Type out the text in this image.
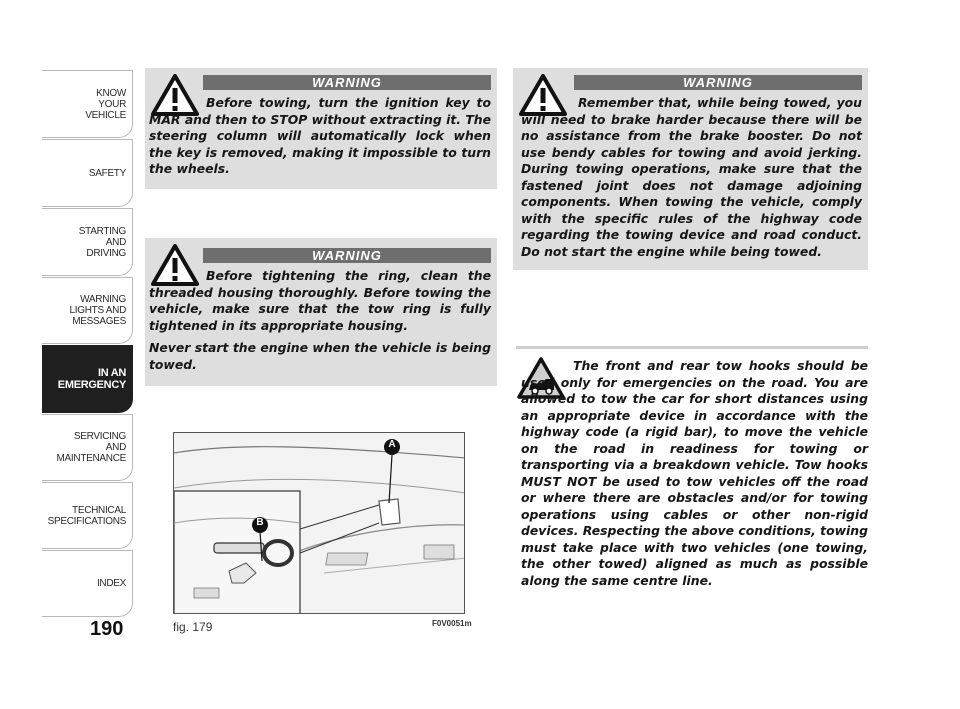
KNOW
YOUR
VEHICLE
SAFETY
STARTING
AND
DRIVING
WARNING
LIGHTS AND
MESSAGES
IN AN
EMERGENCY
SERVICING
AND
MAINTENANCE
TECHNICAL
SPECIFICATIONS
INDEX
190
WARNING

Before towing, turn the ignition key to MAR and then to STOP without extracting it. The steering column will automatically lock when the key is removed, making it impossible to turn the wheels.

WARNING

Before tightening the ring, clean the threaded housing thoroughly. Before towing the vehicle, make sure that the tow ring is fully tightened in its appropriate housing.

Never start the engine when the vehicle is being towed.

WARNING

Remember that, while being towed, you will need to brake harder because there will be no assistance from the brake booster. Do not use bendy cables for towing and avoid jerking. During towing operations, make sure that the fastened joint does not damage adjoining components. When towing the vehicle, comply with the specific rules of the highway code regarding the towing device and road conduct. Do not start the engine while being towed.

The front and rear tow hooks should be used only for emergencies on the road. You are allowed to tow the car for short distances using an appropriate device in accordance with the highway code (a rigid bar), to move the vehicle on the road in readiness for towing or transporting via a breakdown vehicle. Tow hooks MUST NOT be used to tow vehicles off the road or where there are obstacles and/or for towing operations using cables or other non-rigid devices. Respecting the above conditions, towing must take place with two vehicles (one towing, the other towed) aligned as much as possible along the same centre line.
A
B
fig. 179	F0V0051m
